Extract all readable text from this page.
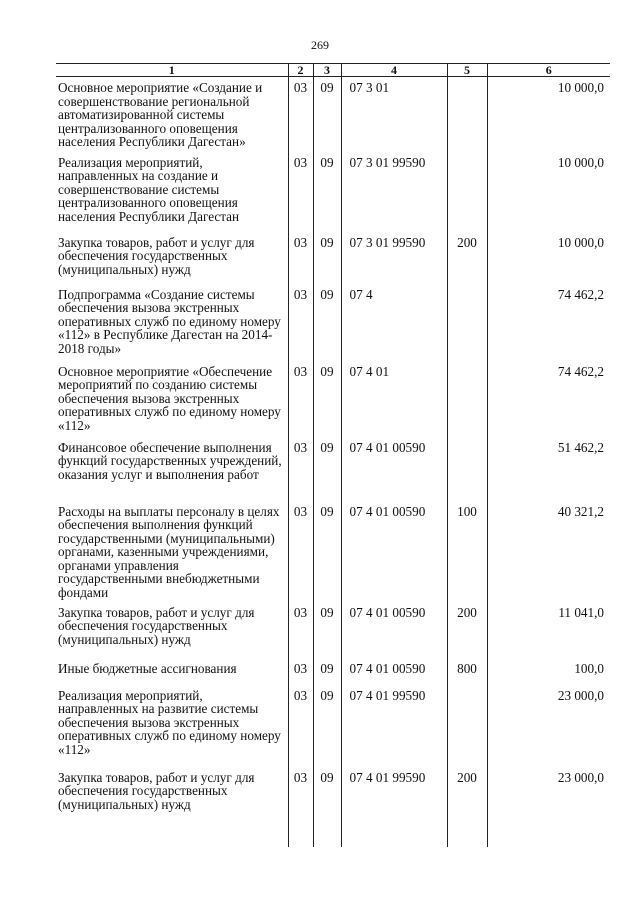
269
1	2	3	4	5	6
Основное мероприятие «Создание и совершенствование региональной автоматизированной системы централизованного оповещения населения Республики Дагестан»	03	09	07 3 01		10 000,0
Реализация мероприятий, направленных на создание и совершенствование системы централизованного оповещения населения Республики Дагестан	03	09	07 3 01 99590		10 000,0
Закупка товаров, работ и услуг для обеспечения государственных (муниципальных) нужд	03	09	07 3 01 99590	200	10 000,0
Подпрограмма «Создание системы обеспечения вызова экстренных оперативных служб по единому номеру «112» в Республике Дагестан на 2014-2018 годы»	03	09	07 4		74 462,2
Основное мероприятие «Обеспечение мероприятий по созданию системы обеспечения вызова экстренных оперативных служб по единому номеру «112»	03	09	07 4 01		74 462,2
Финансовое обеспечение выполнения функций государственных учреждений, оказания услуг и выполнения работ	03	09	07 4 01 00590		51 462,2
Расходы на выплаты персоналу в целях обеспечения выполнения функций государственными (муниципальными) органами, казенными учреждениями, органами управления государственными внебюджетными фондами	03	09	07 4 01 00590	100	40 321,2
Закупка товаров, работ и услуг для обеспечения государственных (муниципальных) нужд	03	09	07 4 01 00590	200	11 041,0
Иные бюджетные ассигнования	03	09	07 4 01 00590	800	100,0
Реализация мероприятий, направленных на развитие системы обеспечения вызова экстренных оперативных служб по единому номеру «112»	03	09	07 4 01 99590		23 000,0
Закупка товаров, работ и услуг для обеспечения государственных (муниципальных) нужд	03	09	07 4 01 99590	200	23 000,0
